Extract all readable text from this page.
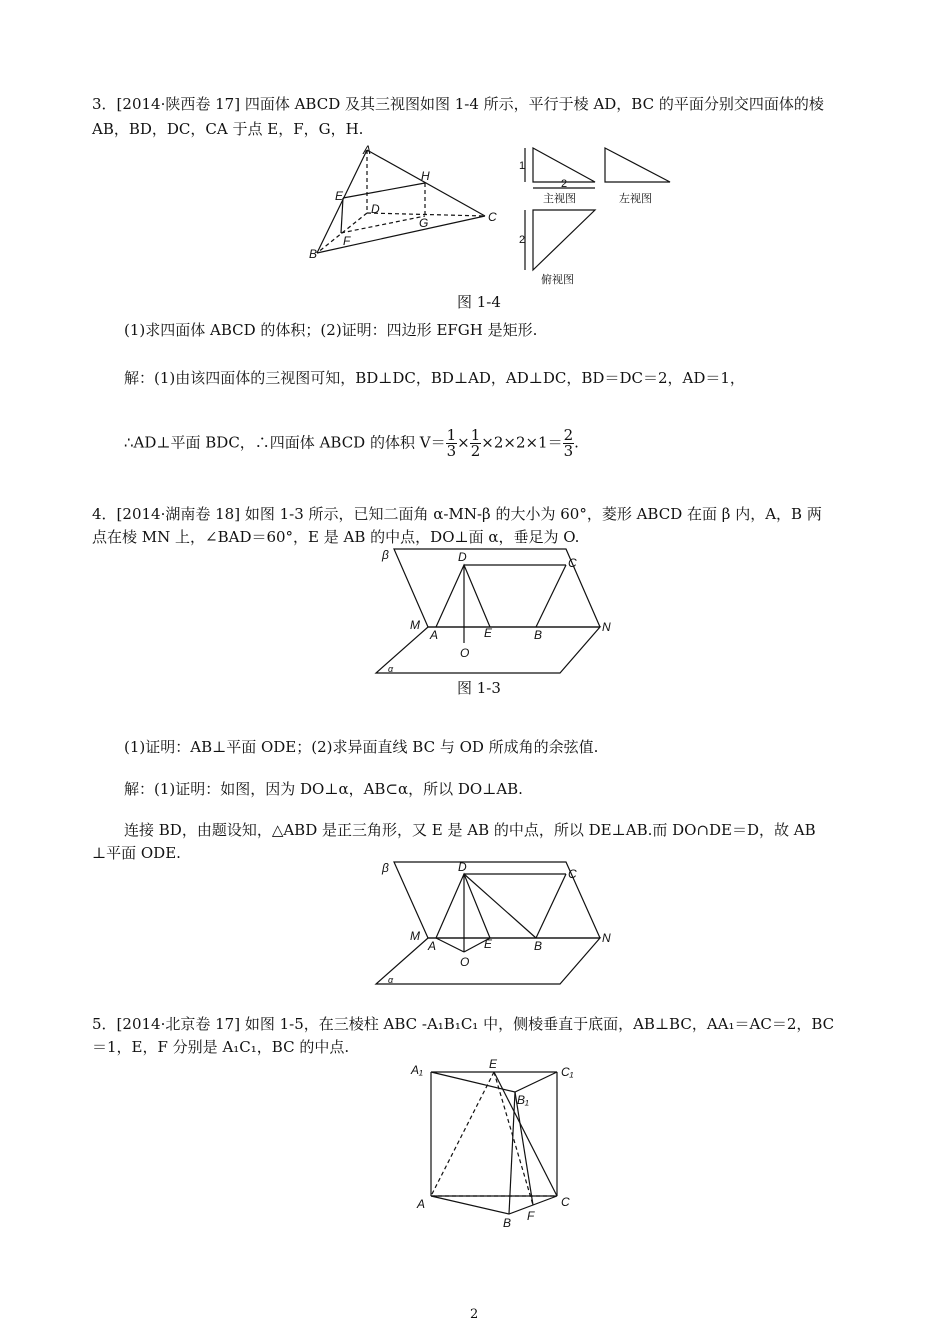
3．[2014·陕西卷 17] 四面体 ABCD 及其三视图如图 1-4 所示，平行于棱 AD，BC 的平面分别交四面体的棱
AB，BD，DC，CA 于点 E，F，G，H.
A
B
C
D
E
F
G
H
1
2
2
主视图	左视图
俯视图
图 1-4
(1)求四面体 ABCD 的体积；(2)证明：四边形 EFGH 是矩形.
解：(1)由该四面体的三视图可知，BD⊥DC，BD⊥AD，AD⊥DC，BD＝DC＝2，AD＝1，
∴AD⊥平面 BDC，∴四面体 ABCD 的体积 $V= \frac{1}{3} \times \frac{1}{2} \times 2\times 2\times 1= \frac{2}{3}$ .
4．[2014·湖南卷 18] 如图 1-3 所示，已知二面角 α-MN-β 的大小为 60°，菱形 ABCD 在面 β 内，A，B 两
点在棱 MN 上，∠BAD＝60°，E 是 AB 的中点，DO⊥面 α，垂足为 O.
β
α
M	N
A	E	B
O
D	C
图 1-3
(1)证明：AB⊥平面 ODE；(2)求异面直线 BC 与 OD 所成角的余弦值.
解：(1)证明：如图，因为 DO⊥α，AB⊂α，所以 DO⊥AB.
连接 BD，由题设知，△ABD 是正三角形，又 E 是 AB 的中点，所以 DE⊥AB.而 DO∩DE＝D，故 AB
⊥平面 ODE.
β
α
M	N
A	E	B
O
D	C
5．[2014·北京卷 17] 如图 1-5，在三棱柱 ABC -A₁B₁C₁ 中，侧棱垂直于底面，AB⊥BC，AA₁＝AC＝2，BC
＝1，E，F 分别是 A₁C₁，BC 的中点.
A₁	E
C₁
B₁
A
B
C
F
2
